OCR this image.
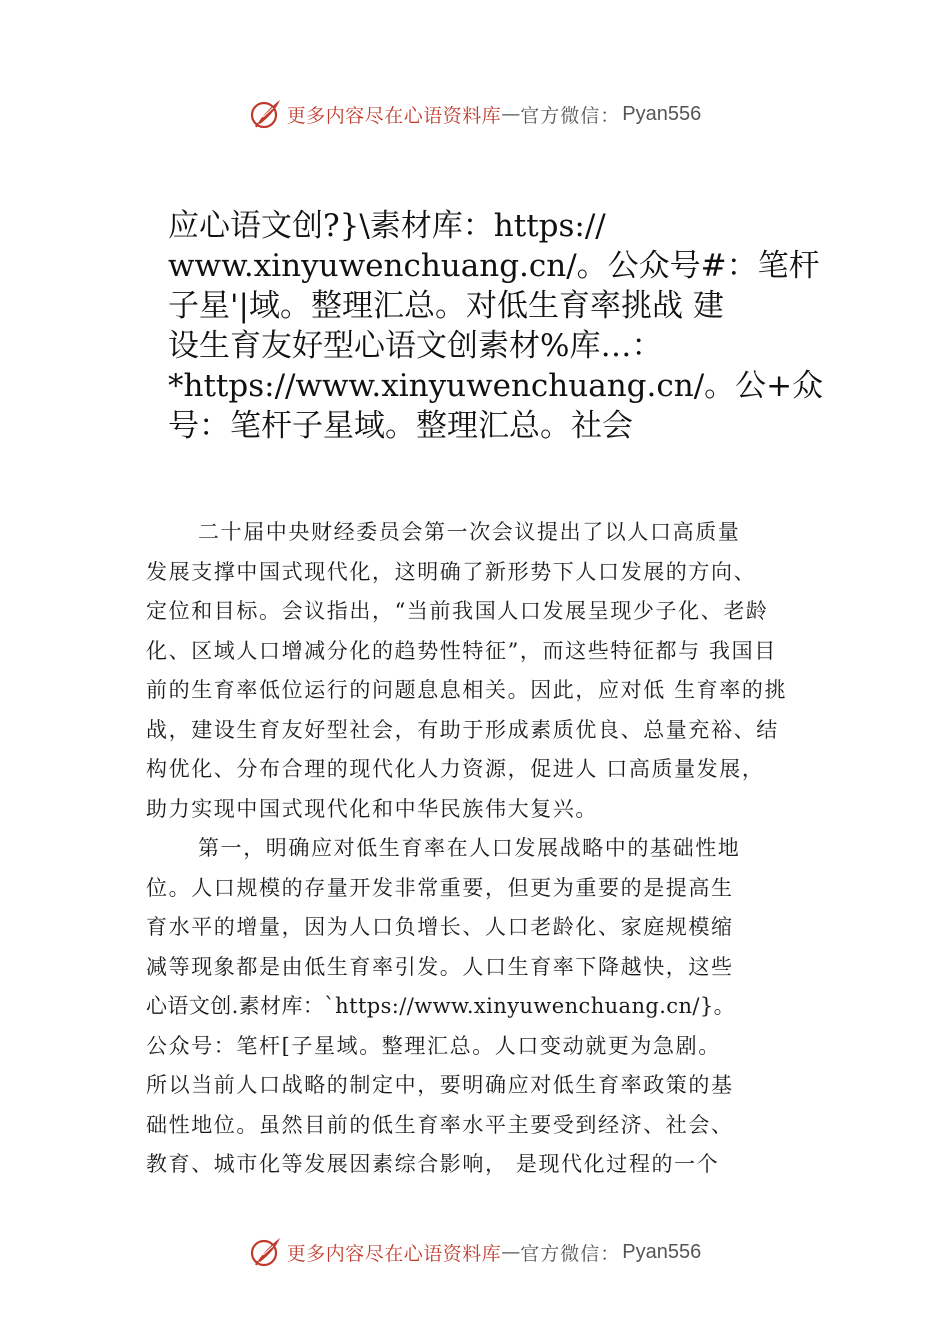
更多内容尽在心语资料库 — 官方微信： Pyan556
应心语文创?}\素材库：https://
www.xinyuwenchuang.cn/。公众号#：笔杆
子星'|域。整理汇总。对低生育率挑战 建
设生育友好型心语文创素材%库…：
*https://www.xinyuwenchuang.cn/。公+众
号：笔杆子星域。整理汇总。社会
二十届中央财经委员会第一次会议提出了以人口高质量
发展支撑中国式现代化，这明确了新形势下人口发展的方向、
定位和目标。会议指出，“当前我国人口发展呈现少子化、老龄
化、区域人口增减分化的趋势性特征”，而这些特征都与 我国目
前的生育率低位运行的问题息息相关。因此，应对低 生育率的挑
战，建设生育友好型社会，有助于形成素质优良、总量充裕、结
构优化、分布合理的现代化人力资源，促进人 口高质量发展，
助力实现中国式现代化和中华民族伟大复兴。
第一，明确应对低生育率在人口发展战略中的基础性地
位。人口规模的存量开发非常重要，但更为重要的是提高生
育水平的增量，因为人口负增长、人口老龄化、家庭规模缩
减等现象都是由低生育率引发。人口生育率下降越快，这些
心语文创.素材库：`https://www.xinyuwenchuang.cn/}。
公众号：笔杆[子星域。整理汇总。人口变动就更为急剧。
所以当前人口战略的制定中，要明确应对低生育率政策的基
础性地位。虽然目前的低生育率水平主要受到经济、社会、
教育、城市化等发展因素综合影响， 是现代化过程的一个
更多内容尽在心语资料库 — 官方微信： Pyan556
